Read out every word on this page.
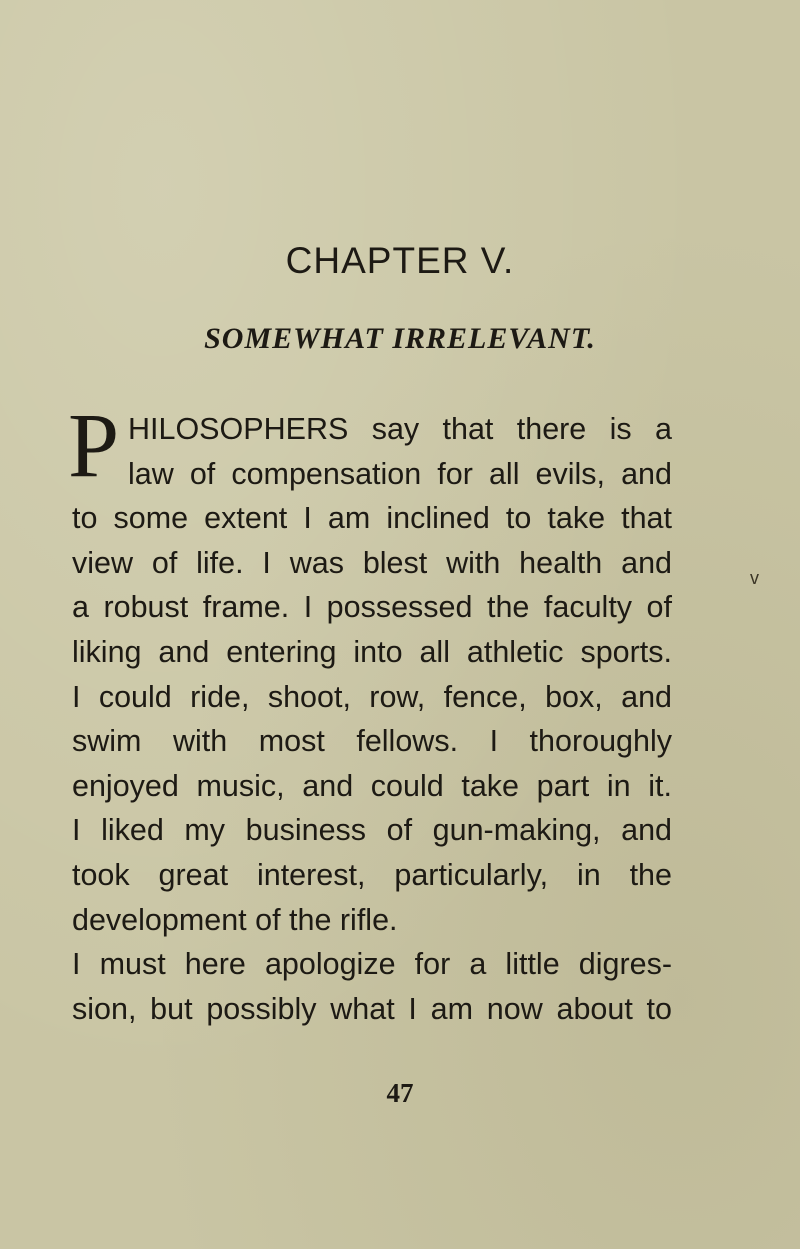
CHAPTER V.
SOMEWHAT IRRELEVANT.
P HILOSOPHERS say that there is a
law of compensation for all evils, and
to some extent I am inclined to take that
view of life. I was blest with health and
a robust frame. I possessed the faculty of
liking and entering into all athletic sports.
I could ride, shoot, row, fence, box, and
swim with most fellows. I thoroughly
enjoyed music, and could take part in it.
I liked my business of gun-making, and
took great interest, particularly, in the
development of the rifle.
I must here apologize for a little digres-
sion, but possibly what I am now about to
v
47
